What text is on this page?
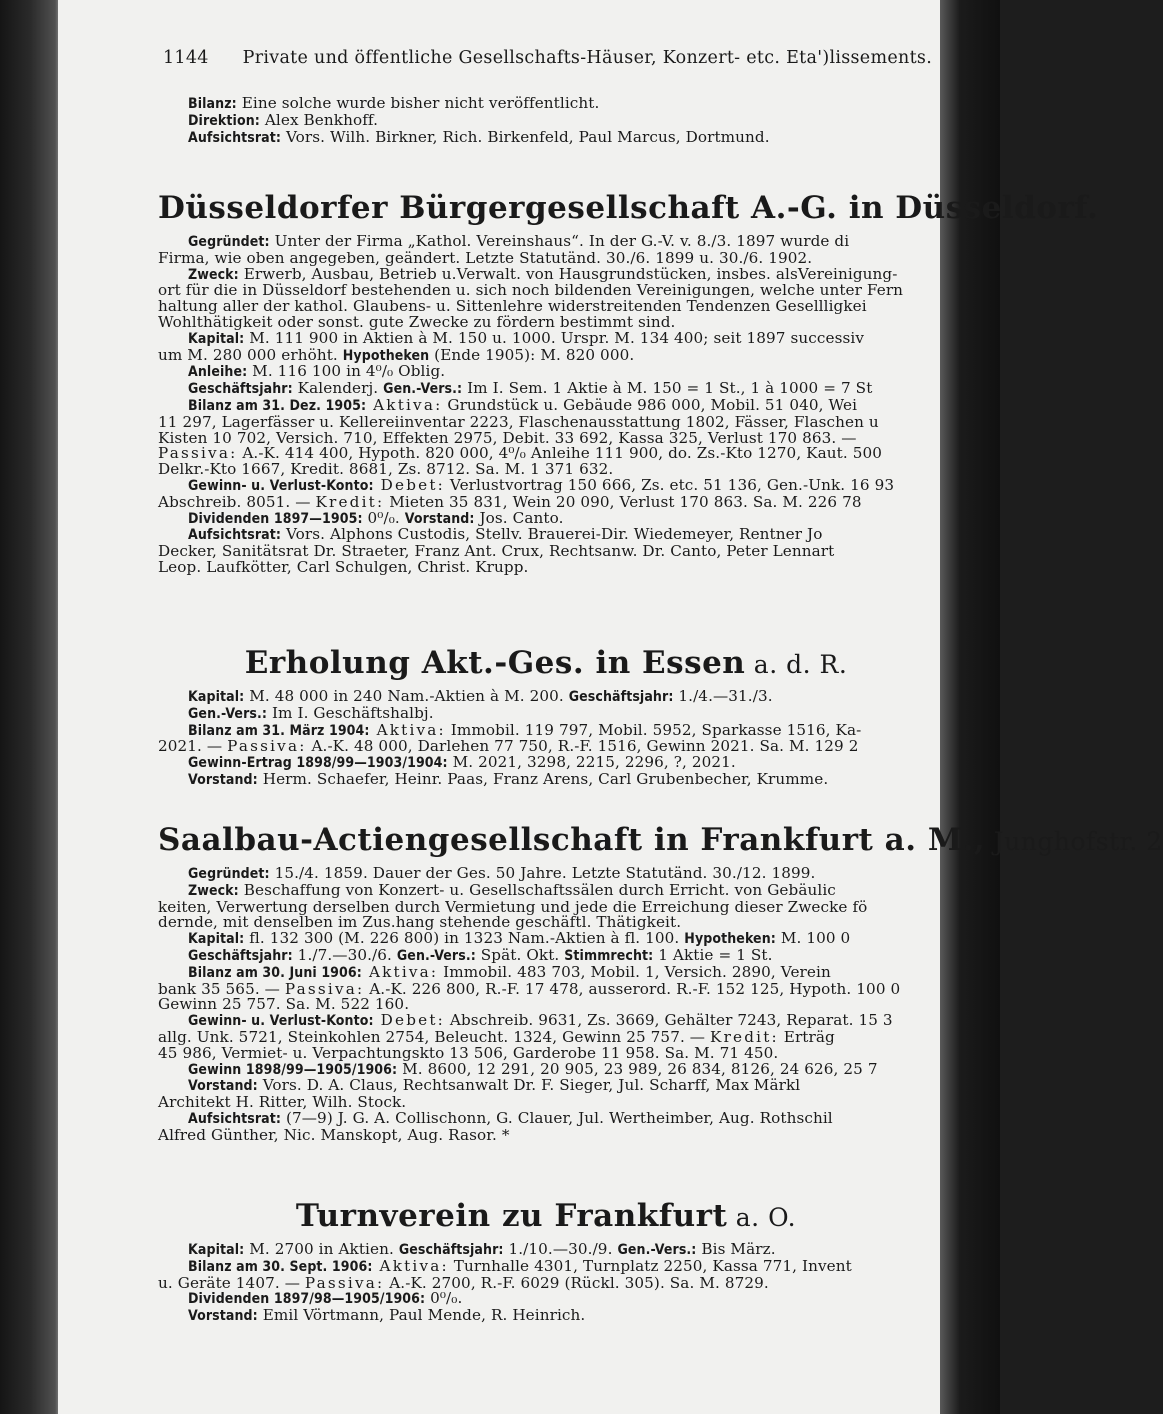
1144 Private und öffentliche Gesellschafts-Häuser, Konzert- etc. Eta')lissements.
Bilanz: Eine solche wurde bisher nicht veröffentlicht.
Direktion: Alex Benkhoff.
Aufsichtsrat: Vors. Wilh. Birkner, Rich. Birkenfeld, Paul Marcus, Dortmund.
Düsseldorfer Bürgergesellschaft A.-G. in Düsseldorf.
Gegründet: Unter der Firma „Kathol. Vereinshaus“. In der G.-V. v. 8./3. 1897 wurde di
Firma, wie oben angegeben, geändert. Letzte Statutänd. 30./6. 1899 u. 30./6. 1902.
Zweck: Erwerb, Ausbau, Betrieb u.Verwalt. von Hausgrundstücken, insbes. alsVereinigung-
ort für die in Düsseldorf bestehenden u. sich noch bildenden Vereinigungen, welche unter Fern
haltung aller der kathol. Glaubens- u. Sittenlehre widerstreitenden Tendenzen Gesellligkei
Wohlthätigkeit oder sonst. gute Zwecke zu fördern bestimmt sind.
Kapital: M. 111 900 in Aktien à M. 150 u. 1000. Urspr. M. 134 400; seit 1897 successiv
um M. 280 000 erhöht. Hypotheken (Ende 1905): M. 820 000.
Anleihe: M. 116 100 in 4⁰/₀ Oblig.
Geschäftsjahr: Kalenderj. Gen.-Vers.: Im I. Sem. 1 Aktie à M. 150 = 1 St., 1 à 1000 = 7 St
Bilanz am 31. Dez. 1905: Aktiva: Grundstück u. Gebäude 986 000, Mobil. 51 040, Wei
11 297, Lagerfässer u. Kellereiinventar 2223, Flaschenausstattung 1802, Fässer, Flaschen u
Kisten 10 702, Versich. 710, Effekten 2975, Debit. 33 692, Kassa 325, Verlust 170 863. —
Passiva: A.-K. 414 400, Hypoth. 820 000, 4⁰/₀ Anleihe 111 900, do. Zs.-Kto 1270, Kaut. 500
Delkr.-Kto 1667, Kredit. 8681, Zs. 8712. Sa. M. 1 371 632.
Gewinn- u. Verlust-Konto: Debet: Verlustvortrag 150 666, Zs. etc. 51 136, Gen.-Unk. 16 93
Abschreib. 8051. — Kredit: Mieten 35 831, Wein 20 090, Verlust 170 863. Sa. M. 226 78
Dividenden 1897—1905: 0⁰/₀. Vorstand: Jos. Canto.
Aufsichtsrat: Vors. Alphons Custodis, Stellv. Brauerei-Dir. Wiedemeyer, Rentner Jo
Decker, Sanitätsrat Dr. Straeter, Franz Ant. Crux, Rechtsanw. Dr. Canto, Peter Lennart
Leop. Laufkötter, Carl Schulgen, Christ. Krupp.
Erholung Akt.-Ges. in Essen a. d. R.
Kapital: M. 48 000 in 240 Nam.-Aktien à M. 200. Geschäftsjahr: 1./4.—31./3.
Gen.-Vers.: Im I. Geschäftshalbj.
Bilanz am 31. März 1904: Aktiva: Immobil. 119 797, Mobil. 5952, Sparkasse 1516, Ka-
2021. — Passiva: A.-K. 48 000, Darlehen 77 750, R.-F. 1516, Gewinn 2021. Sa. M. 129 2
Gewinn-Ertrag 1898/99—1903/1904: M. 2021, 3298, 2215, 2296, ?, 2021.
Vorstand: Herm. Schaefer, Heinr. Paas, Franz Arens, Carl Grubenbecher, Krumme.
Saalbau-Actiengesellschaft in Frankfurt a. M., Junghofstr. 2
Gegründet: 15./4. 1859. Dauer der Ges. 50 Jahre. Letzte Statutänd. 30./12. 1899.
Zweck: Beschaffung von Konzert- u. Gesellschaftssälen durch Erricht. von Gebäulic
keiten, Verwertung derselben durch Vermietung und jede die Erreichung dieser Zwecke fö
dernde, mit denselben im Zus.hang stehende geschäftl. Thätigkeit.
Kapital: fl. 132 300 (M. 226 800) in 1323 Nam.-Aktien à fl. 100. Hypotheken: M. 100 0
Geschäftsjahr: 1./7.—30./6. Gen.-Vers.: Spät. Okt. Stimmrecht: 1 Aktie = 1 St.
Bilanz am 30. Juni 1906: Aktiva: Immobil. 483 703, Mobil. 1, Versich. 2890, Verein
bank 35 565. — Passiva: A.-K. 226 800, R.-F. 17 478, ausserord. R.-F. 152 125, Hypoth. 100 0
Gewinn 25 757. Sa. M. 522 160.
Gewinn- u. Verlust-Konto: Debet: Abschreib. 9631, Zs. 3669, Gehälter 7243, Reparat. 15 3
allg. Unk. 5721, Steinkohlen 2754, Beleucht. 1324, Gewinn 25 757. — Kredit: Erträg
45 986, Vermiet- u. Verpachtungskto 13 506, Garderobe 11 958. Sa. M. 71 450.
Gewinn 1898/99—1905/1906: M. 8600, 12 291, 20 905, 23 989, 26 834, 8126, 24 626, 25 7
Vorstand: Vors. D. A. Claus, Rechtsanwalt Dr. F. Sieger, Jul. Scharff, Max Märkl
Architekt H. Ritter, Wilh. Stock.
Aufsichtsrat: (7—9) J. G. A. Collischonn, G. Clauer, Jul. Wertheimber, Aug. Rothschil
Alfred Günther, Nic. Manskopt, Aug. Rasor. *
Turnverein zu Frankfurt a. O.
Kapital: M. 2700 in Aktien. Geschäftsjahr: 1./10.—30./9. Gen.-Vers.: Bis März.
Bilanz am 30. Sept. 1906: Aktiva: Turnhalle 4301, Turnplatz 2250, Kassa 771, Invent
u. Geräte 1407. — Passiva: A.-K. 2700, R.-F. 6029 (Rückl. 305). Sa. M. 8729.
Dividenden 1897/98—1905/1906: 0⁰/₀.
Vorstand: Emil Vörtmann, Paul Mende, R. Heinrich.
